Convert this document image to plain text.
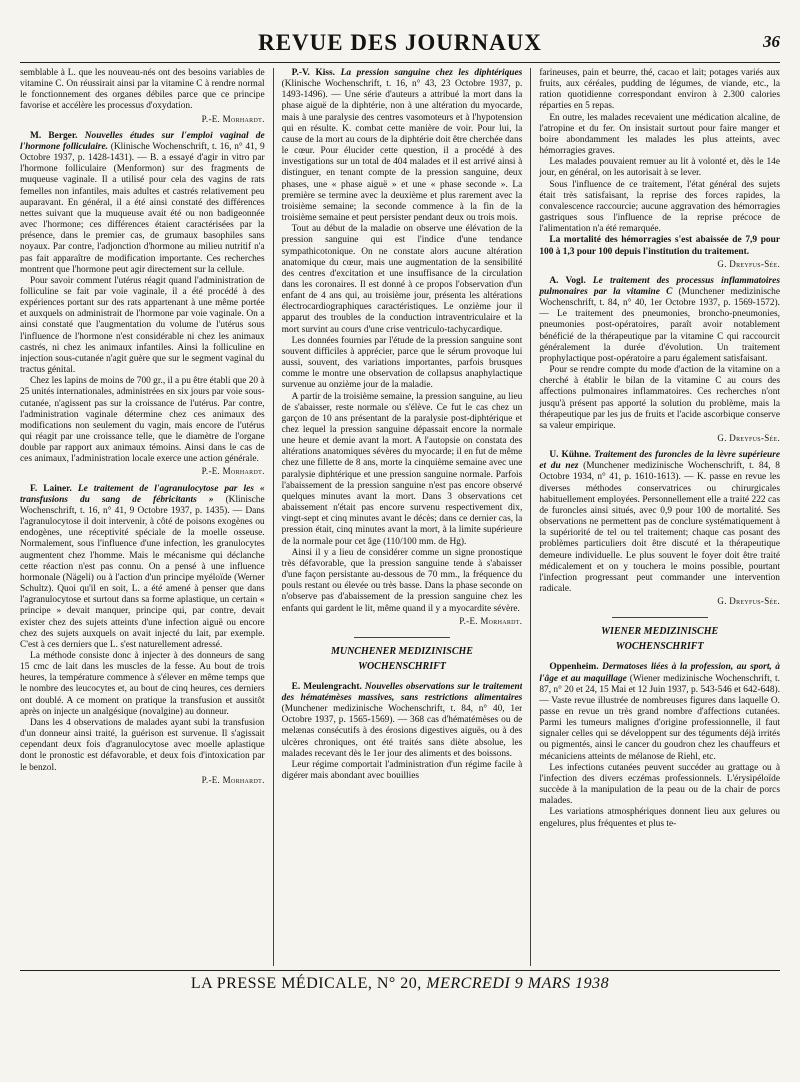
REVUE DES JOURNAUX	36

semblable à L. que les nouveau-nés ont des besoins variables de vitamine C. On réussirait ainsi par la vitamine C à rendre normal le fonctionnement des organes débiles parce que ce principe favorise et accélère les processus d'oxydation.

P.-E. Morhardt.

M. Berger. Nouvelles études sur l'emploi vaginal de l'hormone folliculaire. (Klinische Wochenschrift, t. 16, n° 41, 9 Octobre 1937, p. 1428-1431). — B. a essayé d'agir in vitro par l'hormone folliculaire (Menformon) sur des fragments de muqueuse vaginale. Il a utilisé pour cela des vagins de rats femelles non infantiles, mais adultes et castrés relativement peu auparavant. En général, il a été ainsi constaté des différences nettes suivant que la muqueuse avait été ou non badigeonnée avec l'hormone; ces différences étaient caractérisées par la présence, dans le premier cas, de grumaux basophiles sans noyaux. Par contre, l'adjonction d'hormone au milieu nutritif n'a pas fait apparaître de modification importante. Ces recherches montrent que l'hormone peut agir directement sur la cellule.

Pour savoir comment l'utérus réagit quand l'administration de folliculine se fait par voie vaginale, il a été procédé à des expériences portant sur des rats appartenant à une même portée et auxquels on administrait de l'hormone par voie vaginale. On a ainsi constaté que l'augmentation du volume de l'utérus sous l'influence de l'hormone n'est considérable ni chez les animaux castrés, ni chez les animaux infantiles. Ainsi la folliculine en injection sous-cutanée n'agit guère que sur le segment vaginal du tractus génital.

Chez les lapins de moins de 700 gr., il a pu être établi que 20 à 25 unités internationales, administrées en six jours par voie sous-cutanée, n'agissent pas sur la croissance de l'utérus. Par contre, l'administration vaginale détermine chez ces animaux des modifications non seulement du vagin, mais encore de l'utérus qui réagit par une croissance telle, que le diamètre de l'organe double par rapport aux animaux témoins. Ainsi dans le cas de ces animaux, l'administration locale exerce une action générale.

P.-E. Morhardt.

F. Lainer. Le traitement de l'agranulocytose par les « transfusions du sang de fébricitants » (Klinische Wochenschrift, t. 16, n° 41, 9 Octobre 1937, p. 1435). — Dans l'agranulocytose il doit intervenir, à côté de poisons exogènes ou endogènes, une réceptivité spéciale de la moelle osseuse. Normalement, sous l'influence d'une infection, les granulocytes augmentent chez l'homme. Mais le mécanisme qui déclanche cette réaction n'est pas connu. On a pensé à une influence hormonale (Nägeli) ou à l'action d'un principe myéloïde (Werner Schultz). Quoi qu'il en soit, L. a été amené à penser que dans l'agranulocytose et surtout dans sa forme aplastique, un certain « principe » devait manquer, principe qui, par contre, devait exister chez des sujets atteints d'une infection aiguë ou encore chez des sujets auxquels on avait injecté du lait, par exemple. C'est à ces derniers que L. s'est naturellement adressé.

La méthode consiste donc à injecter à des donneurs de sang 15 cmc de lait dans les muscles de la fesse. Au bout de trois heures, la température commence à s'élever en même temps que le nombre des leucocytes et, au bout de cinq heures, ces derniers ont doublé. A ce moment on pratique la transfusion et aussitôt après on injecte un analgésique (novalgine) au donneur.

Dans les 4 observations de malades ayant subi la transfusion d'un donneur ainsi traité, la guérison est survenue. Il s'agissait cependant deux fois d'agranulocytose avec moelle aplastique dont le pronostic est défavorable, et deux fois d'intoxication par le benzol.

P.-E. Morhardt.

P.-V. Kiss. La pression sanguine chez les diphtériques (Klinische Wochenschrift, t. 16, n° 43, 23 Octobre 1937, p. 1493-1496). — Une série d'auteurs a attribué la mort dans la phase aiguë de la diphtérie, non à une altération du myocarde, mais à une paralysie des centres vasomoteurs et à l'hypotension qui en résulte. K. combat cette manière de voir. Pour lui, la cause de la mort au cours de la diphtérie doit être cherchée dans le cœur. Pour élucider cette question, il a procédé à des investigations sur un total de 404 malades et il est arrivé ainsi à distinguer, en tenant compte de la pression sanguine, deux phases, une « phase aiguë » et une « phase seconde ». La première se termine avec la deuxième et plus rarement avec la troisième semaine; la seconde commence à la fin de la troisième semaine et peut persister pendant deux ou trois mois.

Tout au début de la maladie on observe une élévation de la pression sanguine qui est l'indice d'une tendance sympathicotonique. On ne constate alors aucune altération anatomique du cœur, mais une augmentation de la sensibilité des centres d'excitation et une insuffisance de la circulation dans les coronaires. Il est donné à ce propos l'observation d'un enfant de 4 ans qui, au troisième jour, présenta les altérations électrocardiographiques caractéristiques. Le onzième jour il apparut des troubles de la conduction intraventriculaire et la mort survint au cours d'une crise ventriculo-tachycardique.

Les données fournies par l'étude de la pression sanguine sont souvent difficiles à apprécier, parce que le sérum provoque lui aussi, souvent, des variations importantes, parfois brusques comme le montre une observation de collapsus anaphylactique survenue au onzième jour de la maladie.

A partir de la troisième semaine, la pression sanguine, au lieu de s'abaisser, reste normale ou s'élève. Ce fut le cas chez un garçon de 10 ans présentant de la paralysie post-diphtérique et chez lequel la pression sanguine dépassait encore la normale une heure et demie avant la mort. A l'autopsie on constata des altérations anatomiques sévères du myocarde; il en fut de même chez une fillette de 8 ans, morte la cinquième semaine avec une paralysie diphtérique et une pression sanguine normale. Parfois l'abaissement de la pression sanguine n'est pas encore observé quelques minutes avant la mort. Dans 3 observations cet abaissement n'était pas encore survenu respectivement dix, vingt-sept et cinq minutes avant le décès; dans ce dernier cas, la pression était, cinq minutes avant la mort, à la limite supérieure de la normale pour cet âge (110/100 mm. de Hg).

Ainsi il y a lieu de considérer comme un signe pronostique très défavorable, que la pression sanguine tende à s'abaisser d'une façon persistante au-dessous de 70 mm., la fréquence du pouls restant ou élevée ou très basse. Dans la phase seconde on n'observe pas d'abaissement de la pression sanguine chez les enfants qui gardent le lit, même quand il y a myocardite sévère.

P.-E. Morhardt.
MUNCHENER MEDIZINISCHE
WOCHENSCHRIFT

E. Meulengracht. Nouvelles observations sur le traitement des hématémèses massives, sans restrictions alimentaires (Munchener medizinische Wochenschrift, t. 84, n° 40, 1er Octobre 1937, p. 1565-1569). — 368 cas d'hématémèses ou de melænas consécutifs à des érosions digestives aiguës, ou à des ulcères chroniques, ont été traités sans diète absolue, les malades recevant dès le 1er jour des aliments et des boissons.

Leur régime comportait l'administration d'un régime facile à digérer mais abondant avec bouillies

farineuses, pain et beurre, thé, cacao et lait; potages variés aux fruits, aux céréales, pudding de légumes, de viande, etc., la ration quotidienne correspondant environ à 2.300 calories réparties en 5 repas.

En outre, les malades recevaient une médication alcaline, de l'atropine et du fer. On insistait surtout pour faire manger et boire abondamment les malades les plus atteints, avec hémorragies graves.

Les malades pouvaient remuer au lit à volonté et, dès le 14e jour, en général, on les autorisait à se lever.

Sous l'influence de ce traitement, l'état général des sujets était très satisfaisant, la reprise des forces rapides, la convalescence raccourcie; aucune aggravation des hémorragies gastriques sous l'influence de la reprise précoce de l'alimentation n'a été remarquée.

La mortalité des hémorragies s'est abaissée de 7,9 pour 100 à 1,3 pour 100 depuis l'institution du traitement.

G. Dreyfus-Sée.

A. Vogl. Le traitement des processus inflammatoires pulmonaires par la vitamine C (Munchener medizinische Wochenschrift, t. 84, n° 40, 1er Octobre 1937, p. 1569-1572). — Le traitement des pneumonies, broncho-pneumonies, pneumonies post-opératoires, paraît avoir notablement bénéficié de la thérapeutique par la vitamine C qui raccourcit généralement la durée d'évolution. Un traitement prophylactique post-opératoire a paru également satisfaisant.

Pour se rendre compte du mode d'action de la vitamine on a cherché à établir le bilan de la vitamine C au cours des affections pulmonaires inflammatoires. Ces recherches n'ont jusqu'à présent pas apporté la solution du problème, mais la thérapeutique par les jus de fruits et l'acide ascorbique conserve sa valeur empirique.

G. Dreyfus-Sée.

U. Kühne. Traitement des furoncles de la lèvre supérieure et du nez (Munchener medizinische Wochenschrift, t. 84, 8 Octobre 1934, n° 41, p. 1610-1613). — K. passe en revue les diverses méthodes conservatrices ou chirurgicales habituellement employées. Personnellement elle a traité 222 cas de furoncles ainsi situés, avec 0,9 pour 100 de mortalité. Ses observations ne permettent pas de conclure systématiquement à la supériorité de tel ou tel traitement; chaque cas posant des problèmes particuliers doit être discuté et la thérapeutique demeure individuelle. Le plus souvent le foyer doit être traité médicalement et on y touchera le moins possible, pourtant l'infection progressant peut commander une intervention radicale.

G. Dreyfus-Sée.
WIENER MEDIZINISCHE
WOCHENSCHRIFT

Oppenheim. Dermatoses liées à la profession, au sport, à l'âge et au maquillage (Wiener medizinische Wochenschrift, t. 87, n° 20 et 24, 15 Mai et 12 Juin 1937, p. 543-546 et 642-648). — Vaste revue illustrée de nombreuses figures dans laquelle O. passe en revue un très grand nombre d'affections cutanées. Parmi les tumeurs malignes d'origine professionnelle, il faut signaler celles qui se développent sur des téguments déjà irrités ou pigmentés, ainsi le cancer du goudron chez les chauffeurs et mécaniciens atteints de mélanose de Riehl, etc.

Les infections cutanées peuvent succéder au grattage ou à l'infection des divers eczémas professionnels. L'érysipéloïde succède à la manipulation de la peau ou de la chair de porcs malades.

Les variations atmosphériques donnent lieu aux gelures ou engelures, plus fréquentes et plus te-

LA PRESSE MÉDICALE, N° 20, MERCREDI 9 MARS 1938
